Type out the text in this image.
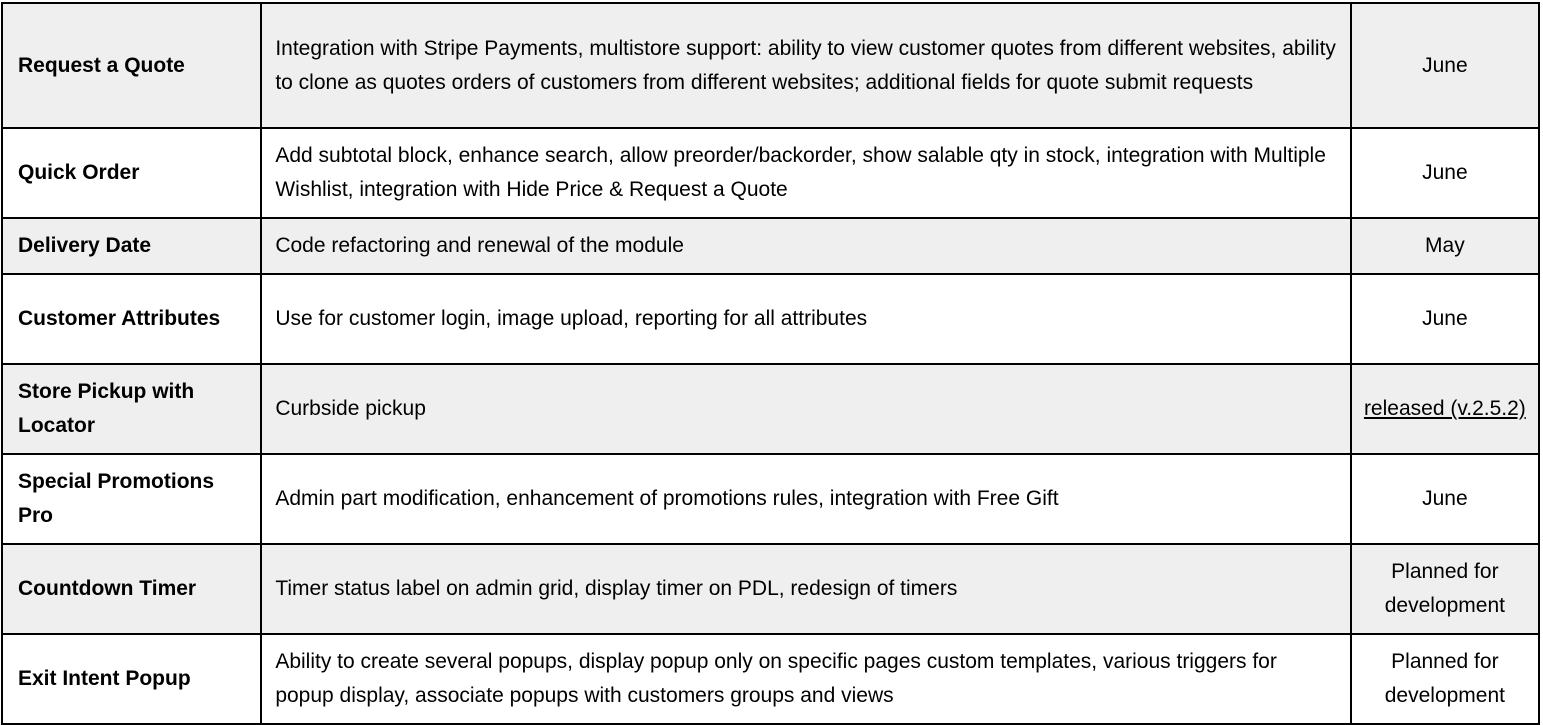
Request a Quote	Integration with Stripe Payments, multistore support: ability to view customer quotes from different websites, ability to clone as quotes orders of customers from different websites; additional fields for quote submit requests	June
Quick Order	Add subtotal block, enhance search, allow preorder/backorder, show salable qty in stock, integration with Multiple Wishlist, integration with Hide Price & Request a Quote	June
Delivery Date	Code refactoring and renewal of the module	May
Customer Attributes	Use for customer login, image upload, reporting for all attributes	June
Store Pickup with Locator	Curbside pickup	released (v.2.5.2)
Special Promotions Pro	Admin part modification, enhancement of promotions rules, integration with Free Gift	June
Countdown Timer	Timer status label on admin grid, display timer on PDL, redesign of timers	Planned for development
Exit Intent Popup	Ability to create several popups, display popup only on specific pages custom templates, various triggers for popup display, associate popups with customers groups and views	Planned for development
